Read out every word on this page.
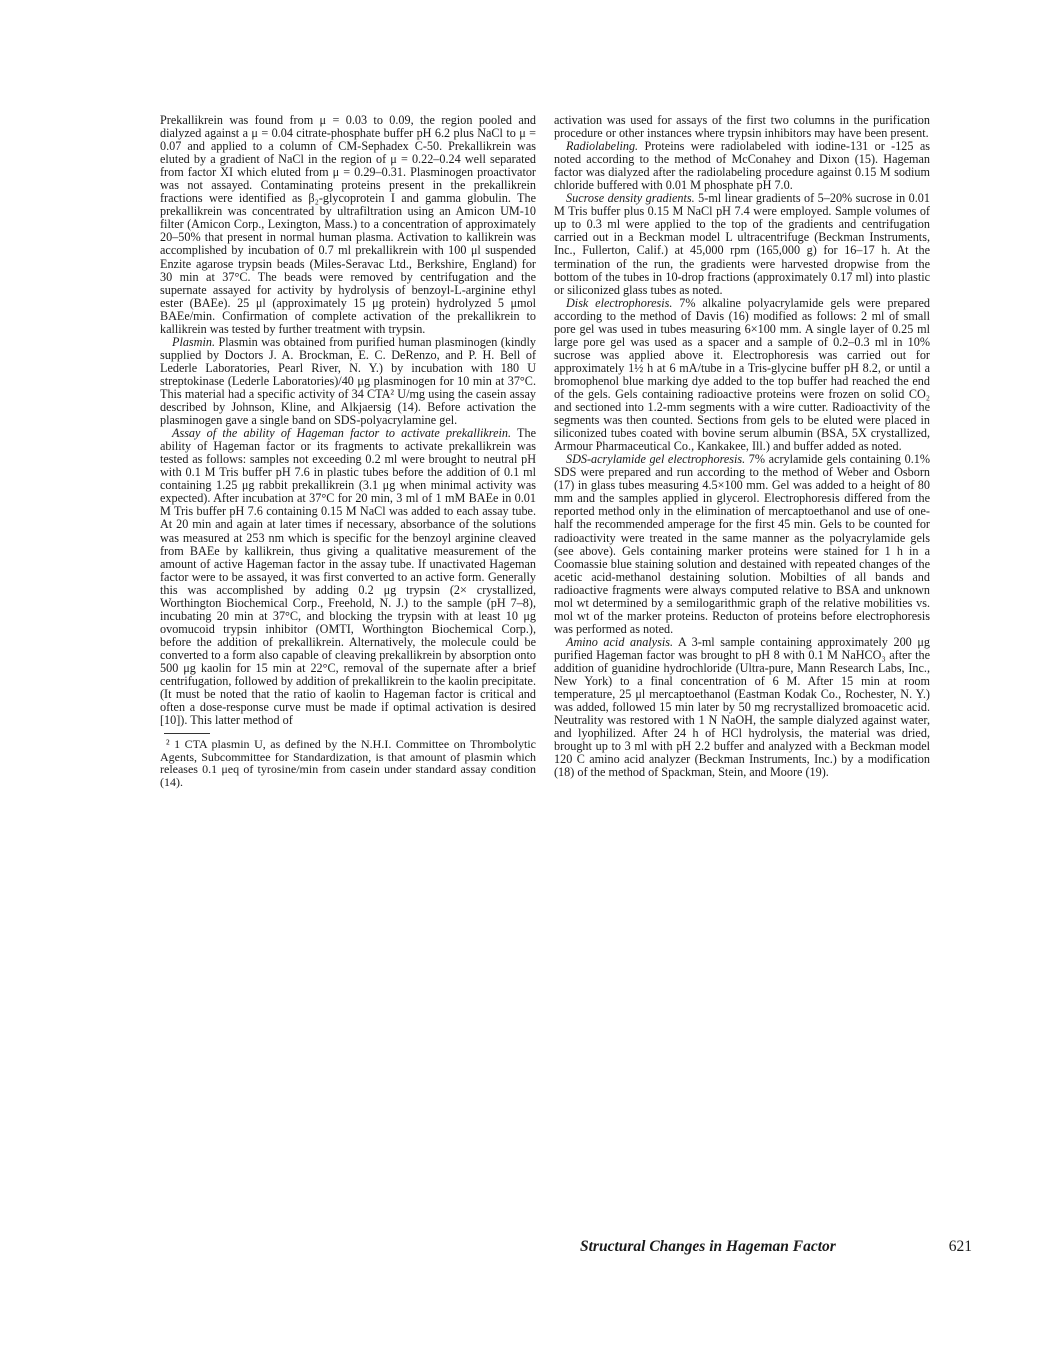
Prekallikrein was found from μ = 0.03 to 0.09, the region pooled and dialyzed against a μ = 0.04 citrate-phosphate buffer pH 6.2 plus NaCl to μ = 0.07 and applied to a column of CM-Sephadex C-50. Prekallikrein was eluted by a gradient of NaCl in the region of μ = 0.22–0.24 well separated from factor XI which eluted from μ = 0.29–0.31. Plasminogen proactivator was not assayed. Contaminating proteins present in the prekallikrein fractions were identified as β₂-glycoprotein I and gamma globulin. The prekallikrein was concentrated by ultrafiltration using an Amicon UM-10 filter (Amicon Corp., Lexington, Mass.) to a concentration of approximately 20–50% that present in normal human plasma. Activation to kallikrein was accomplished by incubation of 0.7 ml prekallikrein with 100 μl suspended Enzite agarose trypsin beads (Miles-Seravac Ltd., Berkshire, England) for 30 min at 37°C. The beads were removed by centrifugation and the supernate assayed for activity by hydrolysis of benzoyl-L-arginine ethyl ester (BAEe). 25 μl (approximately 15 μg protein) hydrolyzed 5 μmol BAEe/min. Confirmation of complete activation of the prekallikrein to kallikrein was tested by further treatment with trypsin.

Plasmin. Plasmin was obtained from purified human plasminogen (kindly supplied by Doctors J. A. Brockman, E. C. DeRenzo, and P. H. Bell of Lederle Laboratories, Pearl River, N. Y.) by incubation with 180 U streptokinase (Lederle Laboratories)/40 μg plasminogen for 10 min at 37°C. This material had a specific activity of 34 CTA² U/mg using the casein assay described by Johnson, Kline, and Alkjaersig (14). Before activation the plasminogen gave a single band on SDS-polyacrylamine gel.

Assay of the ability of Hageman factor to activate prekallikrein. The ability of Hageman factor or its fragments to activate prekallikrein was tested as follows: samples not exceeding 0.2 ml were brought to neutral pH with 0.1 M Tris buffer pH 7.6 in plastic tubes before the addition of 0.1 ml containing 1.25 μg rabbit prekallikrein (3.1 μg when minimal activity was expected). After incubation at 37°C for 20 min, 3 ml of 1 mM BAEe in 0.01 M Tris buffer pH 7.6 containing 0.15 M NaCl was added to each assay tube. At 20 min and again at later times if necessary, absorbance of the solutions was measured at 253 nm which is specific for the benzoyl arginine cleaved from BAEe by kallikrein, thus giving a qualitative measurement of the amount of active Hageman factor in the assay tube. If unactivated Hageman factor were to be assayed, it was first converted to an active form. Generally this was accomplished by adding 0.2 μg trypsin (2× crystallized, Worthington Biochemical Corp., Freehold, N. J.) to the sample (pH 7–8), incubating 20 min at 37°C, and blocking the trypsin with at least 10 μg ovomucoid trypsin inhibitor (OMTI, Worthington Biochemical Corp.), before the addition of prekallikrein. Alternatively, the molecule could be converted to a form also capable of cleaving prekallikrein by absorption onto 500 μg kaolin for 15 min at 22°C, removal of the supernate after a brief centrifugation, followed by addition of prekallikrein to the kaolin precipitate. (It must be noted that the ratio of kaolin to Hageman factor is critical and often a dose-response curve must be made if optimal activation is desired [10]). This latter method of

² 1 CTA plasmin U, as defined by the N.H.I. Committee on Thrombolytic Agents, Subcommittee for Standardization, is that amount of plasmin which releases 0.1 μeq of tyrosine/min from casein under standard assay condition (14).

activation was used for assays of the first two columns in the purification procedure or other instances where trypsin inhibitors may have been present.

Radiolabeling. Proteins were radiolabeled with iodine-131 or -125 as noted according to the method of McConahey and Dixon (15). Hageman factor was dialyzed after the radiolabeling procedure against 0.15 M sodium chloride buffered with 0.01 M phosphate pH 7.0.

Sucrose density gradients. 5-ml linear gradients of 5–20% sucrose in 0.01 M Tris buffer plus 0.15 M NaCl pH 7.4 were employed. Sample volumes of up to 0.3 ml were applied to the top of the gradients and centrifugation carried out in a Beckman model L ultracentrifuge (Beckman Instruments, Inc., Fullerton, Calif.) at 45,000 rpm (165,000 g) for 16–17 h. At the termination of the run, the gradients were harvested dropwise from the bottom of the tubes in 10-drop fractions (approximately 0.17 ml) into plastic or siliconized glass tubes as noted.

Disk electrophoresis. 7% alkaline polyacrylamide gels were prepared according to the method of Davis (16) modified as follows: 2 ml of small pore gel was used in tubes measuring 6×100 mm. A single layer of 0.25 ml large pore gel was used as a spacer and a sample of 0.2–0.3 ml in 10% sucrose was applied above it. Electrophoresis was carried out for approximately 1½ h at 6 mA/tube in a Tris-glycine buffer pH 8.2, or until a bromophenol blue marking dye added to the top buffer had reached the end of the gels. Gels containing radioactive proteins were frozen on solid CO₂ and sectioned into 1.2-mm segments with a wire cutter. Radioactivity of the segments was then counted. Sections from gels to be eluted were placed in siliconized tubes coated with bovine serum albumin (BSA, 5X crystallized, Armour Pharmaceutical Co., Kankakee, Ill.) and buffer added as noted.

SDS-acrylamide gel electrophoresis. 7% acrylamide gels containing 0.1% SDS were prepared and run according to the method of Weber and Osborn (17) in glass tubes measuring 4.5×100 mm. Gel was added to a height of 80 mm and the samples applied in glycerol. Electrophoresis differed from the reported method only in the elimination of mercaptoethanol and use of one-half the recommended amperage for the first 45 min. Gels to be counted for radioactivity were treated in the same manner as the polyacrylamide gels (see above). Gels containing marker proteins were stained for 1 h in a Coomassie blue staining solution and destained with repeated changes of the acetic acid-methanol destaining solution. Mobilties of all bands and radioactive fragments were always computed relative to BSA and unknown mol wt determined by a semilogarithmic graph of the relative mobilities vs. mol wt of the marker proteins. Reducton of proteins before electrophoresis was performed as noted.

Amino acid analysis. A 3-ml sample containing approximately 200 μg purified Hageman factor was brought to pH 8 with 0.1 M NaHCO₃ after the addition of guanidine hydrochloride (Ultra-pure, Mann Research Labs, Inc., New York) to a final concentration of 6 M. After 15 min at room temperature, 25 μl mercaptoethanol (Eastman Kodak Co., Rochester, N. Y.) was added, followed 15 min later by 50 mg recrystallized bromoacetic acid. Neutrality was restored with 1 N NaOH, the sample dialyzed against water, and lyophilized. After 24 h of HCl hydrolysis, the material was dried, brought up to 3 ml with pH 2.2 buffer and analyzed with a Beckman model 120 C amino acid analyzer (Beckman Instruments, Inc.) by a modification (18) of the method of Spackman, Stein, and Moore (19).

Structural Changes in Hageman Factor	621
